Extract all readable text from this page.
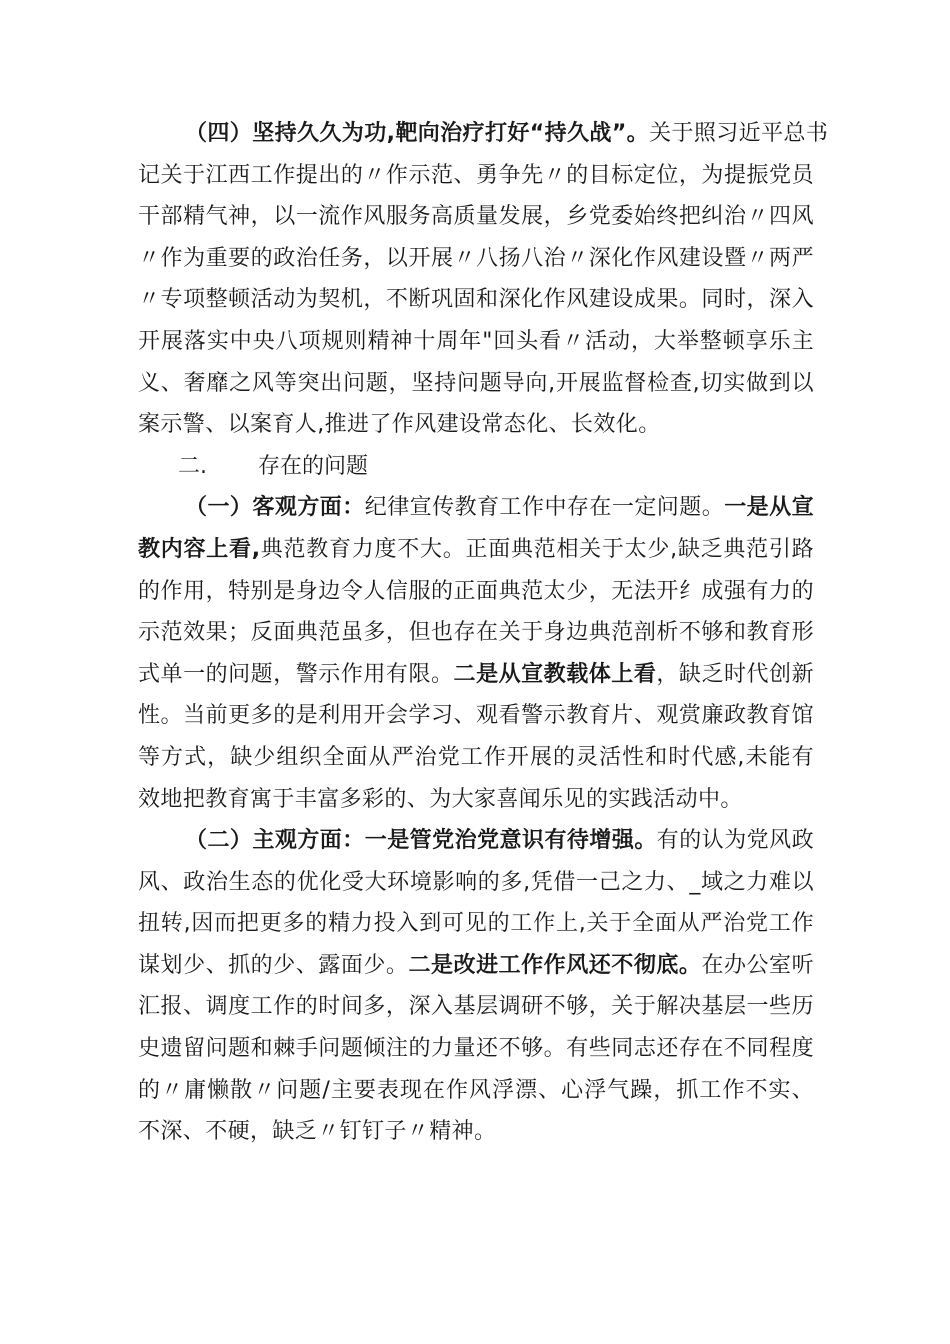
（四）坚持久久为功,靶向治疗打好“持久战”。关于照习近平总书
记关于江西工作提出的〃作示范、勇争先〃的目标定位，为提振党员
干部精气神，以一流作风服务高质量发展，乡党委始终把纠治〃四风
〃作为重要的政治任务，以开展〃八扬八治〃深化作风建设暨〃两严
〃专项整顿活动为契机，不断巩固和深化作风建设成果。同时，深入
开展落实中央八项规则精神十周年"回头看〃活动，大举整顿享乐主
义、奢靡之风等突出问题，坚持问题导向,开展监督检查,切实做到以
案示警、以案育人,推进了作风建设常态化、长效化。
二. 存在的问题
（一）客观方面：纪律宣传教育工作中存在一定问题。一是从宣
教内容上看,典范教育力度不大。正面典范相关于太少,缺乏典范引路
的作用，特别是身边令人信服的正面典范太少，无法开纟成强有力的
示范效果；反面典范虽多，但也存在关于身边典范剖析不够和教育形
式单一的问题，警示作用有限。二是从宣教载体上看，缺乏时代创新
性。当前更多的是利用开会学习、观看警示教育片、观赏廉政教育馆
等方式，缺少组织全面从严治党工作开展的灵活性和时代感,未能有
效地把教育寓于丰富多彩的、为大家喜闻乐见的实践活动中。
（二）主观方面：一是管党治党意识有待增强。有的认为党风政
风、政治生态的优化受大环境影响的多,凭借一己之力、_域之力难以
扭转,因而把更多的精力投入到可见的工作上,关于全面从严治党工作
谋划少、抓的少、露面少。二是改进工作作风还不彻底。在办公室听
汇报、调度工作的时间多，深入基层调研不够，关于解决基层一些历
史遗留问题和棘手问题倾注的力量还不够。有些同志还存在不同程度
的〃庸懒散〃问题/主要表现在作风浮漂、心浮气躁，抓工作不实、
不深、不硬，缺乏〃钉钉子〃精神。
